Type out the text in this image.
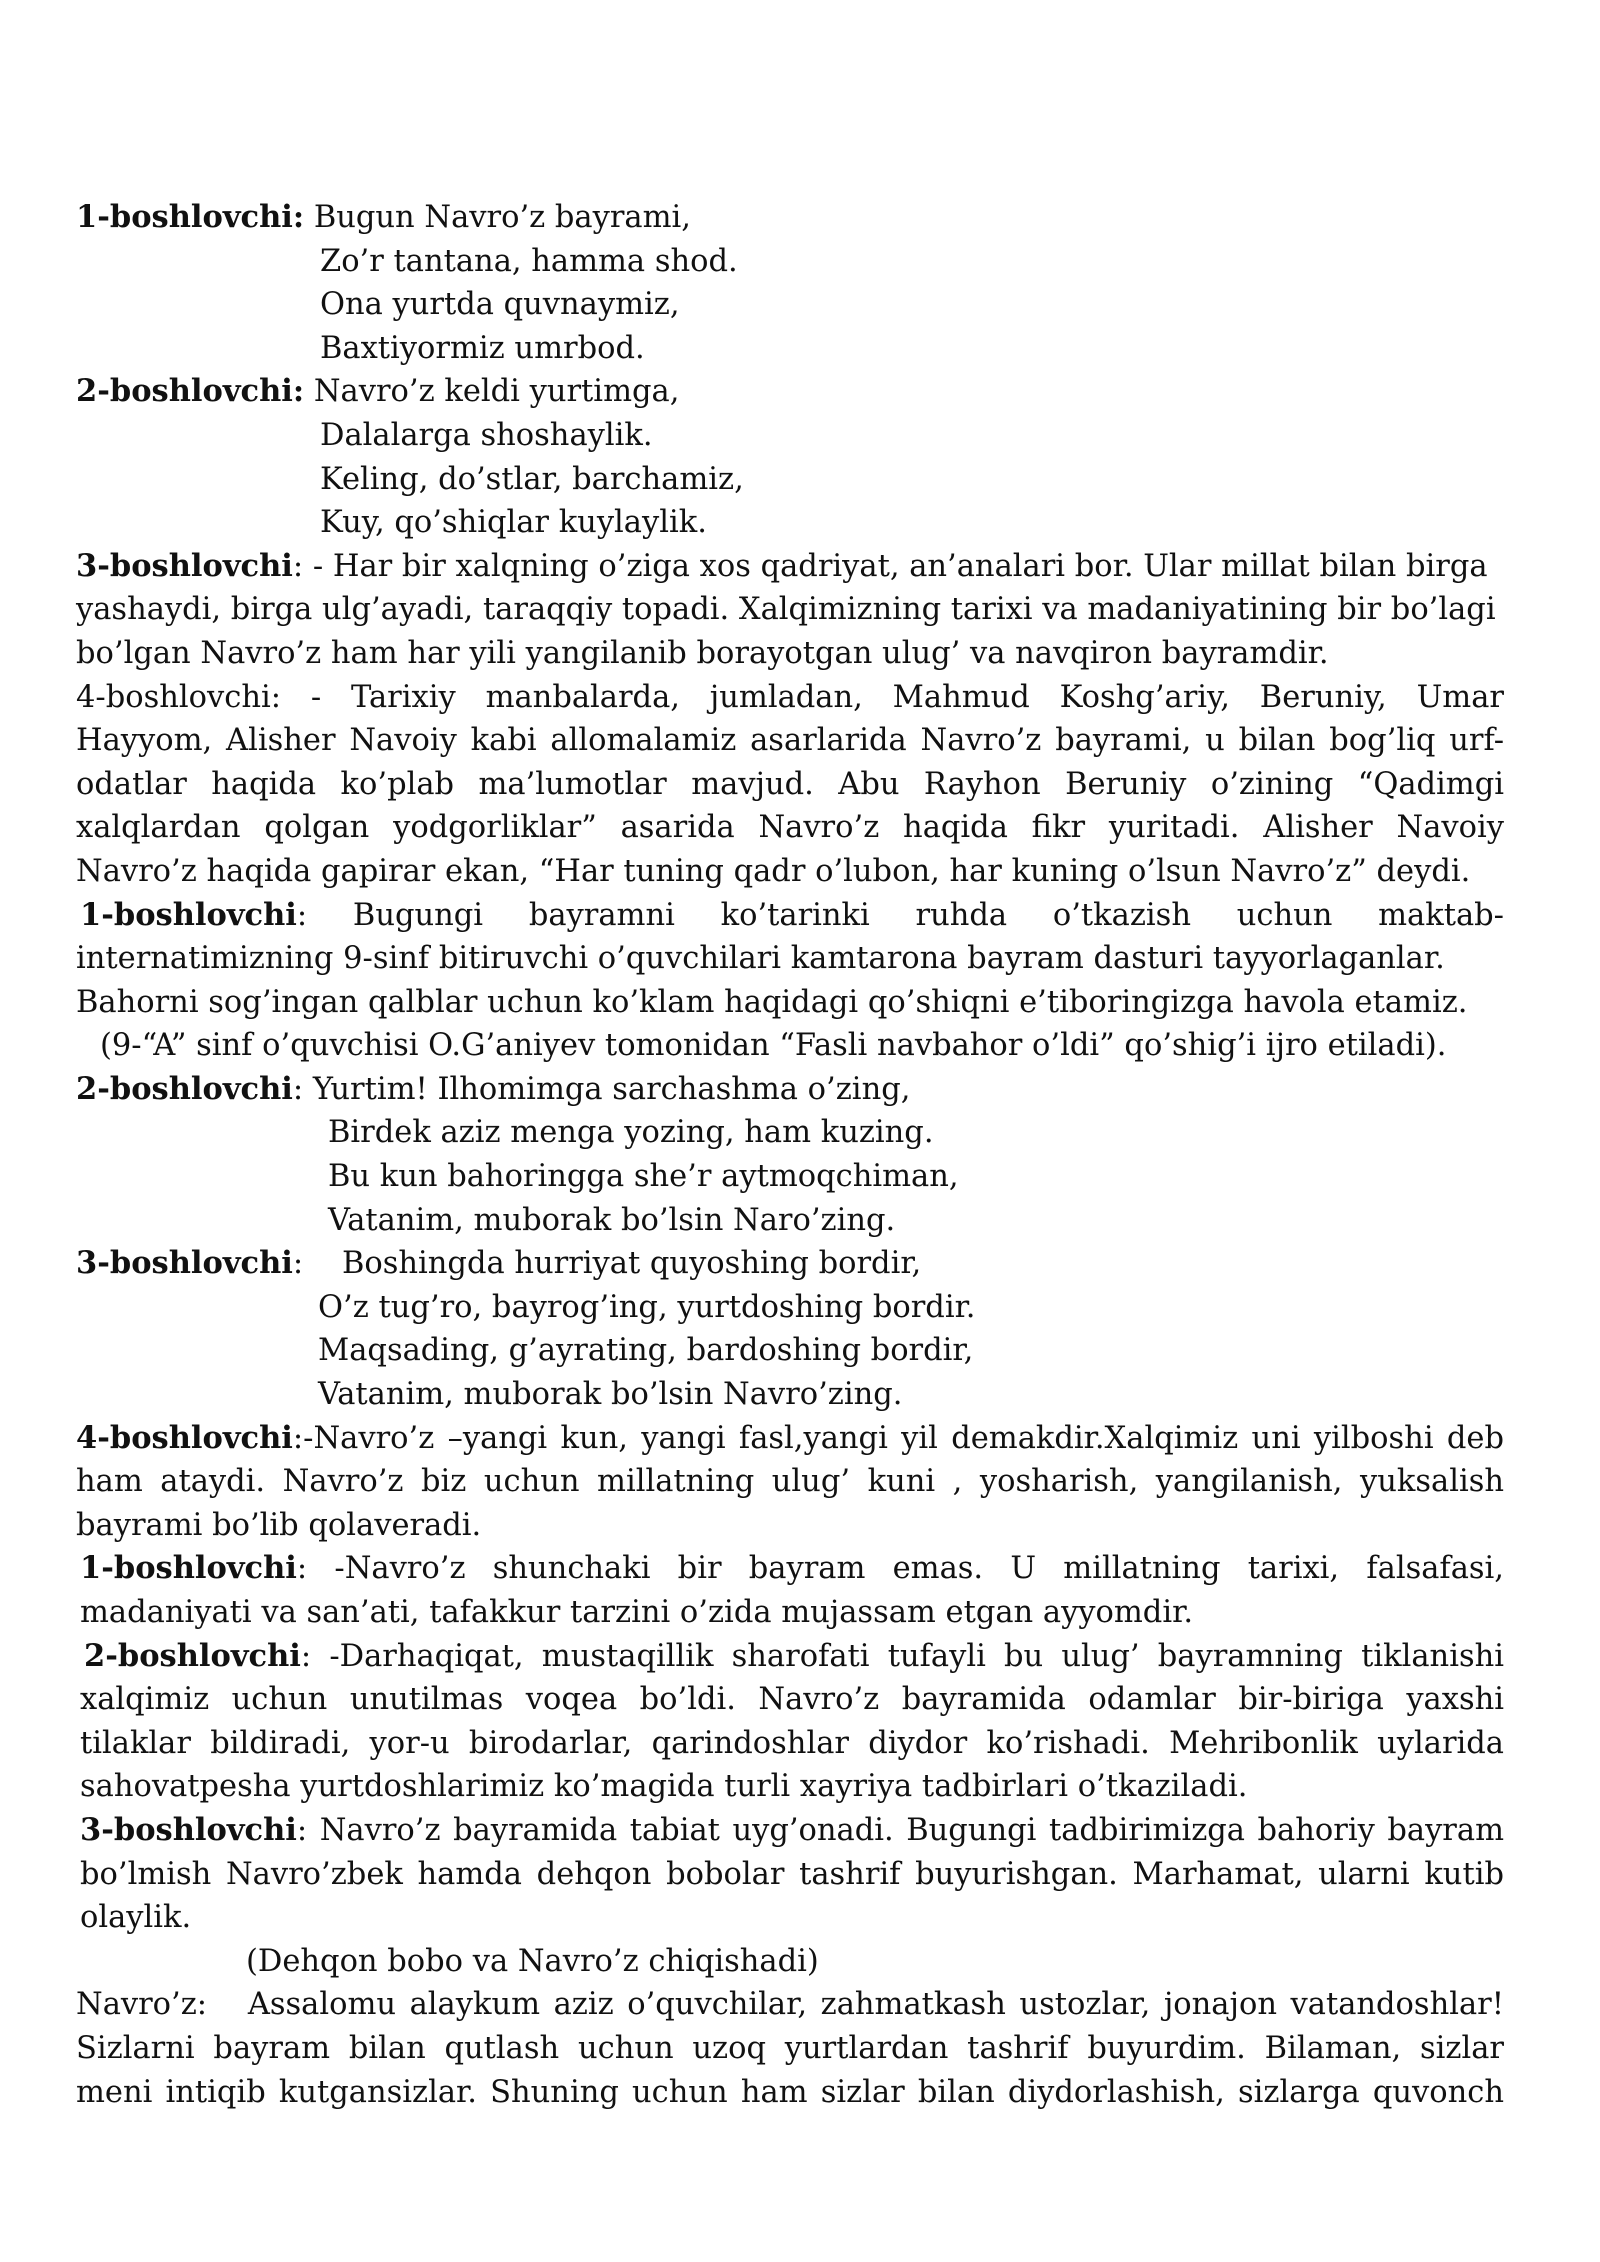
1-boshlovchi: Bugun Navro’z bayrami,
Zo’r tantana, hamma shod.
Ona yurtda quvnaymiz,
Baxtiyormiz umrbod.
2-boshlovchi: Navro’z keldi yurtimga,
Dalalarga shoshaylik.
Keling, do’stlar, barchamiz,
Kuy, qo’shiqlar kuylaylik.
3-boshlovchi: - Har bir xalqning o’ziga xos qadriyat, an’analari bor. Ular millat bilan birga
yashaydi, birga ulg’ayadi, taraqqiy topadi. Xalqimizning tarixi va madaniyatining bir bo’lagi
bo’lgan Navro’z ham har yili yangilanib borayotgan ulug’ va navqiron bayramdir.
4-boshlovchi: - Tarixiy manbalarda, jumladan, Mahmud Koshg’ariy, Beruniy, Umar
Hayyom, Alisher Navoiy kabi allomalamiz asarlarida Navro’z bayrami, u bilan bog’liq urf-
odatlar haqida ko’plab ma’lumotlar mavjud. Abu Rayhon Beruniy o’zining “Qadimgi
xalqlardan qolgan yodgorliklar” asarida Navro’z haqida fikr yuritadi. Alisher Navoiy
Navro’z haqida gapirar ekan, “Har tuning qadr o’lubon, har kuning o’lsun Navro’z” deydi.
1-boshlovchi: Bugungi bayramni ko’tarinki ruhda o’tkazish uchun maktab-
internatimizning 9-sinf bitiruvchi o’quvchilari kamtarona bayram dasturi tayyorlaganlar.
Bahorni sog’ingan qalblar uchun ko’klam haqidagi qo’shiqni e’tiboringizga havola etamiz.
(9-“A” sinf o’quvchisi O.G’aniyev tomonidan “Fasli navbahor o’ldi” qo’shig’i ijro etiladi).
2-boshlovchi: Yurtim! Ilhomimga sarchashma o’zing,
Birdek aziz menga yozing, ham kuzing.
Bu kun bahoringga she’r aytmoqchiman,
Vatanim, muborak bo’lsin Naro’zing.
3-boshlovchi:    Boshingda hurriyat quyoshing bordir,
O’z tug’ro, bayrog’ing, yurtdoshing bordir.
Maqsading, g’ayrating, bardoshing bordir,
Vatanim, muborak bo’lsin Navro’zing.
4-boshlovchi:-Navro’z –yangi kun, yangi fasl,yangi yil demakdir.Xalqimiz uni yilboshi deb
ham ataydi. Navro’z biz uchun millatning ulug’ kuni , yosharish, yangilanish, yuksalish
bayrami bo’lib qolaveradi.
1-boshlovchi: -Navro’z shunchaki bir bayram emas. U millatning tarixi, falsafasi,
madaniyati va san’ati, tafakkur tarzini o’zida mujassam etgan ayyomdir.
2-boshlovchi: -Darhaqiqat, mustaqillik sharofati tufayli bu ulug’ bayramning tiklanishi
xalqimiz uchun unutilmas voqea bo’ldi. Navro’z bayramida odamlar bir-biriga yaxshi
tilaklar bildiradi, yor-u birodarlar, qarindoshlar diydor ko’rishadi. Mehribonlik uylarida
sahovatpesha yurtdoshlarimiz ko’magida turli xayriya tadbirlari o’tkaziladi.
3-boshlovchi: Navro’z bayramida tabiat uyg’onadi. Bugungi tadbirimizga bahoriy bayram
bo’lmish Navro’zbek hamda dehqon bobolar tashrif buyurishgan. Marhamat, ularni kutib
olaylik.
(Dehqon bobo va Navro’z chiqishadi)
Navro’z:   Assalomu alaykum aziz o’quvchilar, zahmatkash ustozlar, jonajon vatandoshlar!
Sizlarni bayram bilan qutlash uchun uzoq yurtlardan tashrif buyurdim. Bilaman, sizlar
meni intiqib kutgansizlar. Shuning uchun ham sizlar bilan diydorlashish, sizlarga quvonch
